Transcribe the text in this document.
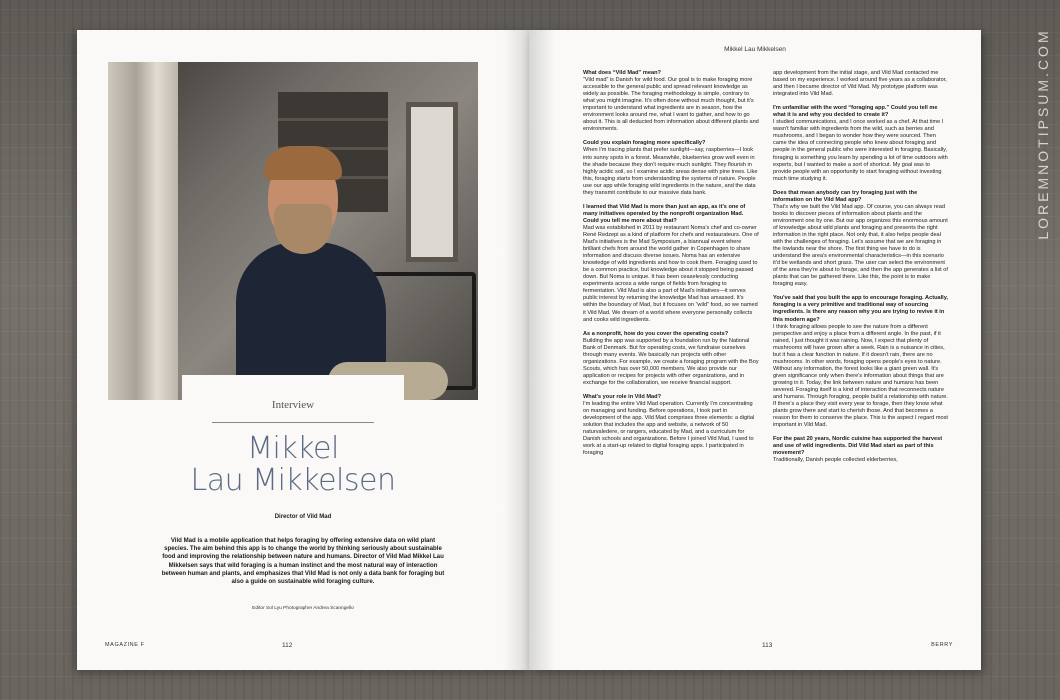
LOREMNOTIPSUM.COM
Interview
Mikkel
Lau Mikkelsen
Director of Vild Mad
Vild Mad is a mobile application that helps foraging by offering extensive data on wild plant species. The aim behind this app is to change the world by thinking seriously about sustainable food and improving the relationship between nature and humans. Director of Vild Mad Mikkel Lau Mikkelsen says that wild foraging is a human instinct and the most natural way of interaction between human and plants, and emphasizes that Vild Mad is not only a data bank for foraging but also a guide on sustainable wild foraging culture.
Editor Sol Lyu Photographer Andrea Scanngello
MAGAZINE F	112
Mikkel Lau Mikkelsen

What does “Vild Mad” mean?
“Vild mad” is Danish for wild food. Our goal is to make foraging more accessible to the general public and spread relevant knowledge as widely as possible. The foraging methodology is simple, contrary to what you might imagine. It's often done without much thought, but it's important to understand what ingredients are in season, how the environment looks around me, what I want to gather, and how to go about it. This is all deducted from information about different plants and environments.

Could you explain foraging more specifically?
When I'm tracing plants that prefer sunlight—say, raspberries—I look into sunny spots in a forest. Meanwhile, blueberries grow well even in the shade because they don't require much sunlight. They flourish in highly acidic soil, so I examine acidic areas dense with pine trees. Like this, foraging starts from understanding the systems of nature. People use our app while foraging wild ingredients in the nature, and the data they transmit contribute to our massive data bank.

I learned that Vild Mad is more than just an app, as it's one of many initiatives operated by the nonprofit organization Mad. Could you tell me more about that?
Mad was established in 2011 by restaurant Noma's chef and co-owner René Redzepi as a kind of platform for chefs and restaurateurs. One of Mad's initiatives is the Mad Symposium, a biannual event where brilliant chefs from around the world gather in Copenhagen to share information and discuss diverse issues. Noma has an extensive knowledge of wild ingredients and how to cook them. Foraging used to be a common practice, but knowledge about it stopped being passed down. But Noma is unique. It has been ceaselessly conducting experiments across a wide range of fields from foraging to fermentation. Vild Mad is also a part of Mad's initiatives—it serves public interest by returning the knowledge Mad has amassed. It's within the boundary of Mad, but it focuses on “wild” food, so we named it Vild Mad. We dream of a world where everyone personally collects and cooks wild ingredients.

As a nonprofit, how do you cover the operating costs?
Building the app was supported by a foundation run by the National Bank of Denmark. But for operating costs, we fundraise ourselves through many events. We basically run projects with other organizations. For example, we create a foraging program with the Boy Scouts, which has over 50,000 members. We also provide our application or recipes for projects with other organizations, and in exchange for the collaboration, we receive financial support.

What's your role in Vild Mad?
I'm leading the entire Vild Mad operation. Currently I'm concentrating on managing and funding. Before operations, I took part in development of the app. Vild Mad comprises three elements: a digital solution that includes the app and website, a network of 50 naturvaledere, or rangers, educated by Mad, and a curriculum for Danish schools and organizations. Before I joined Vild Mad, I used to work at a start-up related to digital foraging apps. I participated in foraging

app development from the initial stage, and Vild Mad contacted me based on my experience. I worked around five years as a collaborator, and then I became director of Vild Mad. My prototype platform was integrated into Vild Mad.

I'm unfamiliar with the word “foraging app.” Could you tell me what it is and why you decided to create it?
I studied communications, and I once worked as a chef. At that time I wasn't familiar with ingredients from the wild, such as berries and mushrooms, and I began to wonder how they were sourced. Then came the idea of connecting people who knew about foraging and people in the general public who were interested in foraging. Basically, foraging is something you learn by spending a lot of time outdoors with experts, but I wanted to make a sort of shortcut. My goal was to provide people with an opportunity to start foraging without investing much time studying it.

Does that mean anybody can try foraging just with the information on the Vild Mad app?
That's why we built the Vild Mad app. Of course, you can always read books to discover pieces of information about plants and the environment one by one. But our app organizes this enormous amount of knowledge about wild plants and foraging and presents the right information in the right place. Not only that, it also helps people deal with the challenges of foraging. Let's assume that we are foraging in the lowlands near the shore. The first thing we have to do is understand the area's environmental characteristics—in this scenario it'd be wetlands and short grass. The user can select the environment of the area they're about to forage, and then the app generates a list of plants that can be gathered there. Like this, the point is to make foraging easy.

You've said that you built the app to encourage foraging. Actually, foraging is a very primitive and traditional way of sourcing ingredients. Is there any reason why you are trying to revive it in this modern age?
I think foraging allows people to see the nature from a different perspective and enjoy a place from a different angle. In the past, if it rained, I just thought it was raining. Now, I expect that plenty of mushrooms will have grown after a week. Rain is a nuisance in cities, but it has a clear function in nature. If it doesn't rain, there are no mushrooms. In other words, foraging opens people's eyes to nature. Without any information, the forest looks like a giant green wall. It's given significance only when there's information about things that are growing in it. Today, the link between nature and humans has been severed. Foraging itself is a kind of interaction that reconnects nature and humans. Through foraging, people build a relationship with nature. If there's a place they visit every year to forage, then they know what plants grow there and start to cherish those. And that becomes a reason for them to conserve the place. This is the aspect I regard most important in Vild Mad.

For the past 20 years, Nordic cuisine has supported the harvest and use of wild ingredients. Did Vild Mad start as part of this movement?
Traditionally, Danish people collected elderberries,

113	BERRY
